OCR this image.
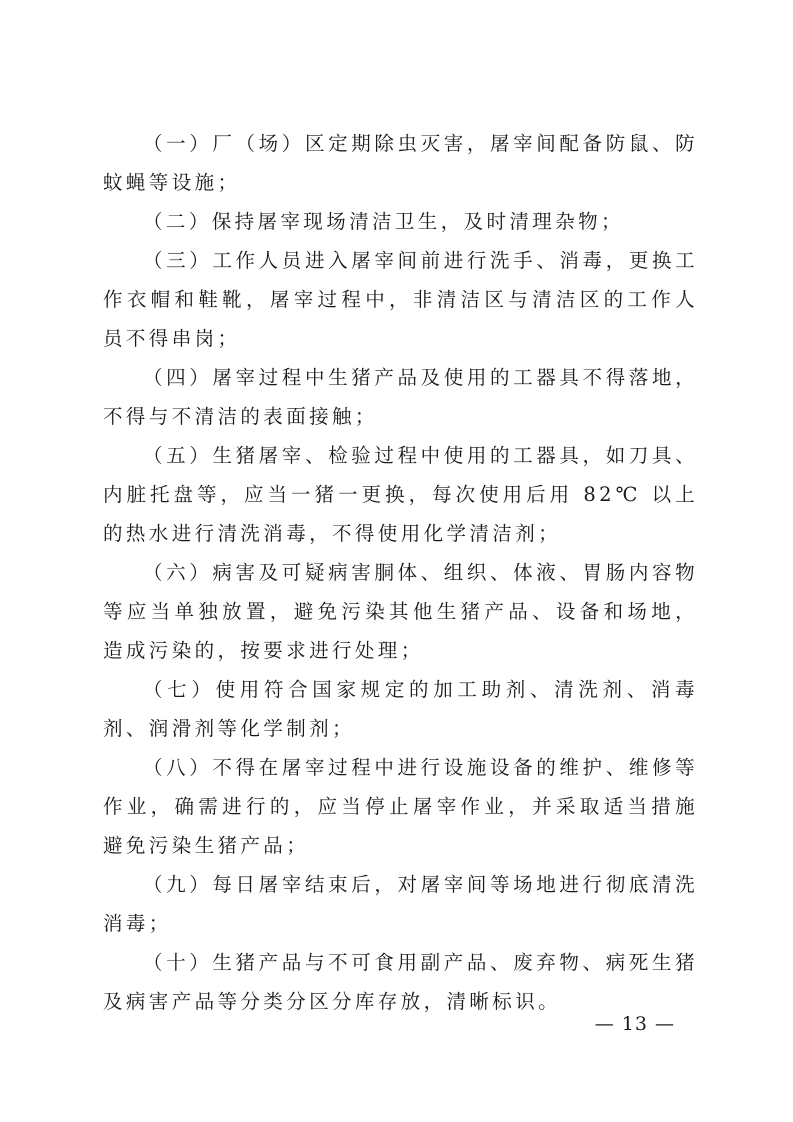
（一）厂（场）区定期除虫灭害，屠宰间配备防鼠、防蚊蝇等设施；

（二）保持屠宰现场清洁卫生，及时清理杂物；

（三）工作人员进入屠宰间前进行洗手、消毒，更换工作衣帽和鞋靴，屠宰过程中，非清洁区与清洁区的工作人员不得串岗；

（四）屠宰过程中生猪产品及使用的工器具不得落地，不得与不清洁的表面接触；

（五）生猪屠宰、检验过程中使用的工器具，如刀具、内脏托盘等，应当一猪一更换，每次使用后用 82℃ 以上的热水进行清洗消毒，不得使用化学清洁剂；

（六）病害及可疑病害胴体、组织、体液、胃肠内容物等应当单独放置，避免污染其他生猪产品、设备和场地，造成污染的，按要求进行处理；

（七）使用符合国家规定的加工助剂、清洗剂、消毒剂、润滑剂等化学制剂；

（八）不得在屠宰过程中进行设施设备的维护、维修等作业，确需进行的，应当停止屠宰作业，并采取适当措施避免污染生猪产品；

（九）每日屠宰结束后，对屠宰间等场地进行彻底清洗消毒；

（十）生猪产品与不可食用副产品、废弃物、病死生猪及病害产品等分类分区分库存放，清晰标识。

— 13 —
